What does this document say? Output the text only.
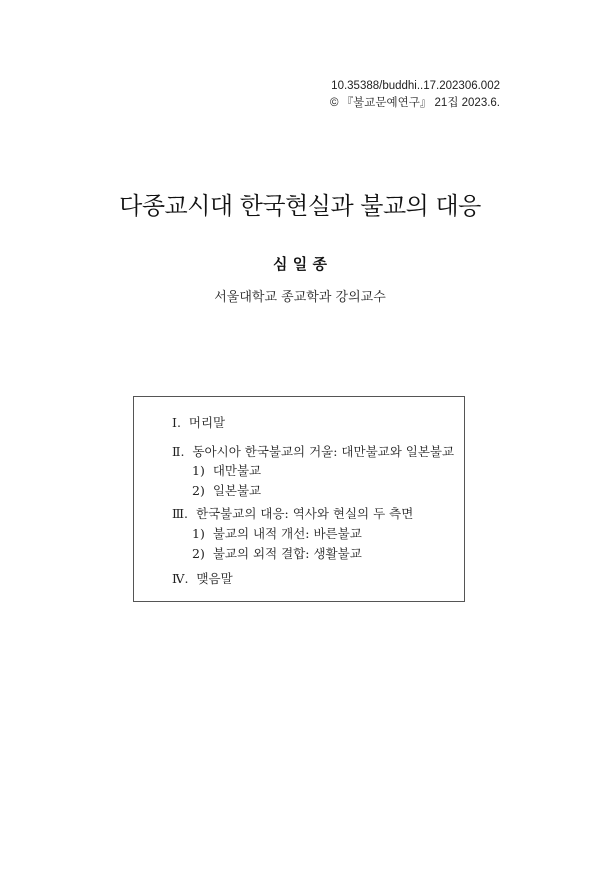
10.35388/buddhi..17.202306.002
© 『불교문예연구』 21집 2023.6.
다종교시대 한국현실과 불교의 대응
심 일 종
서울대학교 종교학과 강의교수
Ⅰ. 머리말
Ⅱ. 동아시아 한국불교의 거울: 대만불교와 일본불교
1) 대만불교
2) 일본불교
Ⅲ. 한국불교의 대응: 역사와 현실의 두 측면
1) 불교의 내적 개선: 바른불교
2) 불교의 외적 결합: 생활불교
Ⅳ. 맺음말
